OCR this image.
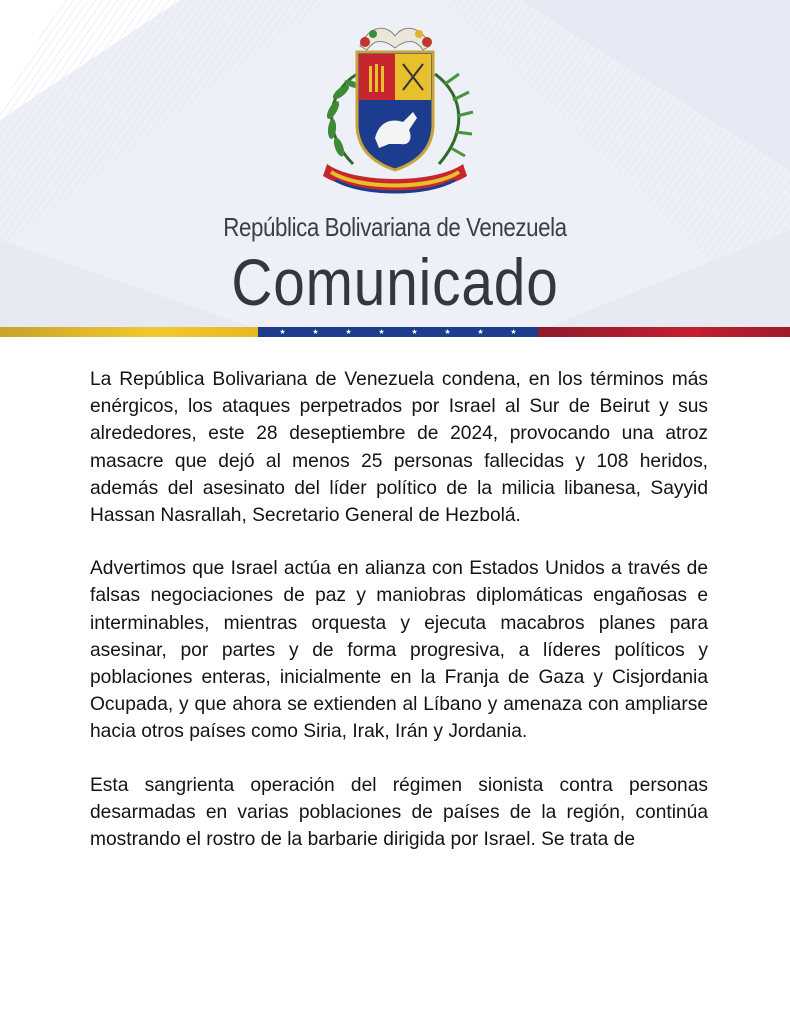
República Bolivariana de Venezuela
Comunicado
★	★	★	★	★	★	★	★

La República Bolivariana de Venezuela condena, en los términos más enérgicos, los ataques perpetrados por Israel al Sur de Beirut y sus alrededores, este 28 deseptiembre de 2024, provocando una atroz masacre que dejó al menos 25 personas fallecidas y 108 heridos, además del asesinato del líder político de la milicia libanesa, Sayyid Hassan Nasrallah, Secretario General de Hezbolá.

Advertimos que Israel actúa en alianza con Estados Unidos a través de falsas negociaciones de paz y maniobras diplomáticas engañosas e interminables, mientras orquesta y ejecuta macabros planes para asesinar, por partes y de forma progresiva, a líderes políticos y poblaciones enteras, inicialmente en la Franja de Gaza y Cisjordania Ocupada, y que ahora se extienden al Líbano y amenaza con ampliarse hacia otros países como Siria, Irak, Irán y Jordania.

Esta sangrienta operación del régimen sionista contra personas desarmadas en varias poblaciones de países de la región, continúa mostrando el rostro de la barbarie dirigida por Israel. Se trata de
